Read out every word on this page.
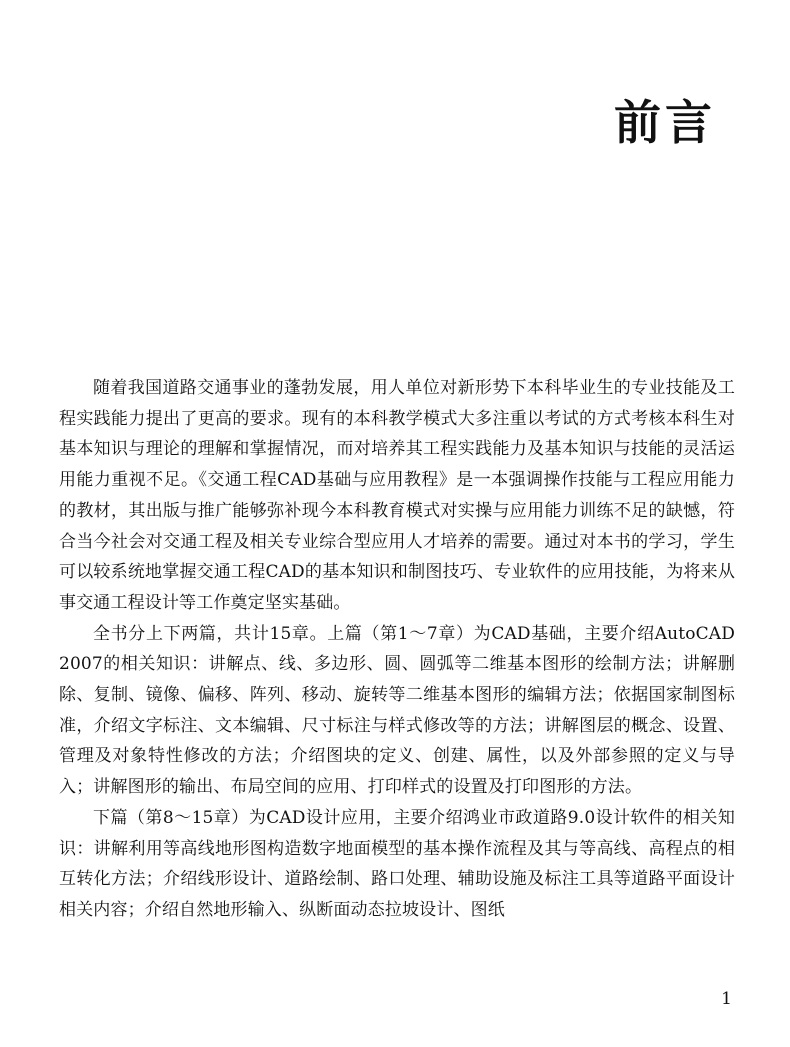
前言

随着我国道路交通事业的蓬勃发展，用人单位对新形势下本科毕业生的专业技能及工程实践能力提出了更高的要求。现有的本科教学模式大多注重以考试的方式考核本科生对基本知识与理论的理解和掌握情况，而对培养其工程实践能力及基本知识与技能的灵活运用能力重视不足。《交通工程CAD基础与应用教程》是一本强调操作技能与工程应用能力的教材，其出版与推广能够弥补现今本科教育模式对实操与应用能力训练不足的缺憾，符合当今社会对交通工程及相关专业综合型应用人才培养的需要。通过对本书的学习，学生可以较系统地掌握交通工程CAD的基本知识和制图技巧、专业软件的应用技能，为将来从事交通工程设计等工作奠定坚实基础。

全书分上下两篇，共计15章。上篇（第1～7章）为CAD基础，主要介绍AutoCAD 2007的相关知识：讲解点、线、多边形、圆、圆弧等二维基本图形的绘制方法；讲解删除、复制、镜像、偏移、阵列、移动、旋转等二维基本图形的编辑方法；依据国家制图标准，介绍文字标注、文本编辑、尺寸标注与样式修改等的方法；讲解图层的概念、设置、管理及对象特性修改的方法；介绍图块的定义、创建、属性，以及外部参照的定义与导入；讲解图形的输出、布局空间的应用、打印样式的设置及打印图形的方法。

下篇（第8～15章）为CAD设计应用，主要介绍鸿业市政道路9.0设计软件的相关知识：讲解利用等高线地形图构造数字地面模型的基本操作流程及其与等高线、高程点的相互转化方法；介绍线形设计、道路绘制、路口处理、辅助设施及标注工具等道路平面设计相关内容；介绍自然地形输入、纵断面动态拉坡设计、图纸

1
